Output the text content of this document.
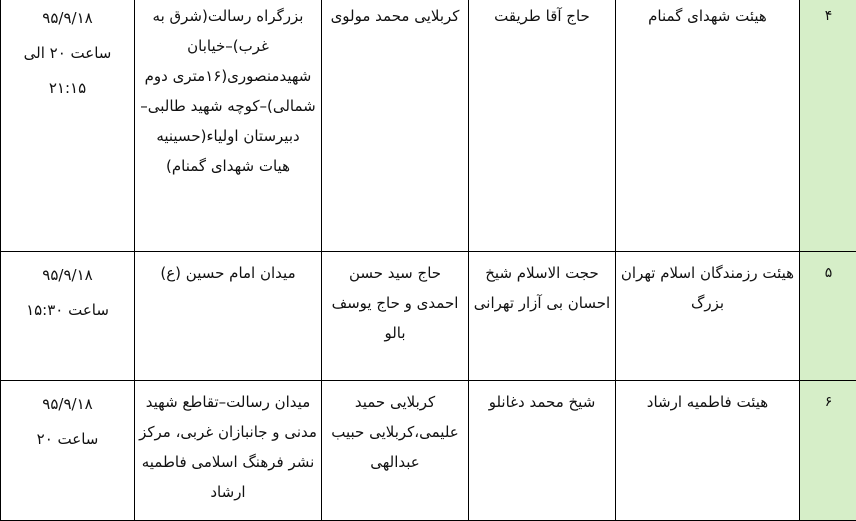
۴	هیئت شهدای گمنام	حاج آقا طریقت	کربلایی محمد مولوی	بزرگراه رسالت(شرق به غرب)–خیابان شهیدمنصوری(۱۶متری دوم شمالی)–کوچه شهید طالبی–دبیرستان اولیاء(حسینیه هیات شهدای گمنام)	۹۵/۹/۱۸
ساعت ۲۰ الی ۲۱:۱۵

۵	هیئت رزمندگان اسلام تهران بزرگ	حجت الاسلام شیخ احسان بی آزار تهرانی	حاج سید حسن احمدی و حاج یوسف بالو	میدان امام حسین (ع)	۹۵/۹/۱۸
ساعت ۱۵:۳۰

۶	هیئت فاطمیه ارشاد	شیخ محمد دغانلو	کربلایی حمید علیمی،کربلایی حبیب عبدالهی	میدان رسالت–تقاطع شهید مدنی و جانبازان غربی، مرکز نشر فرهنگ اسلامی فاطمیه ارشاد	۹۵/۹/۱۸
ساعت ۲۰
